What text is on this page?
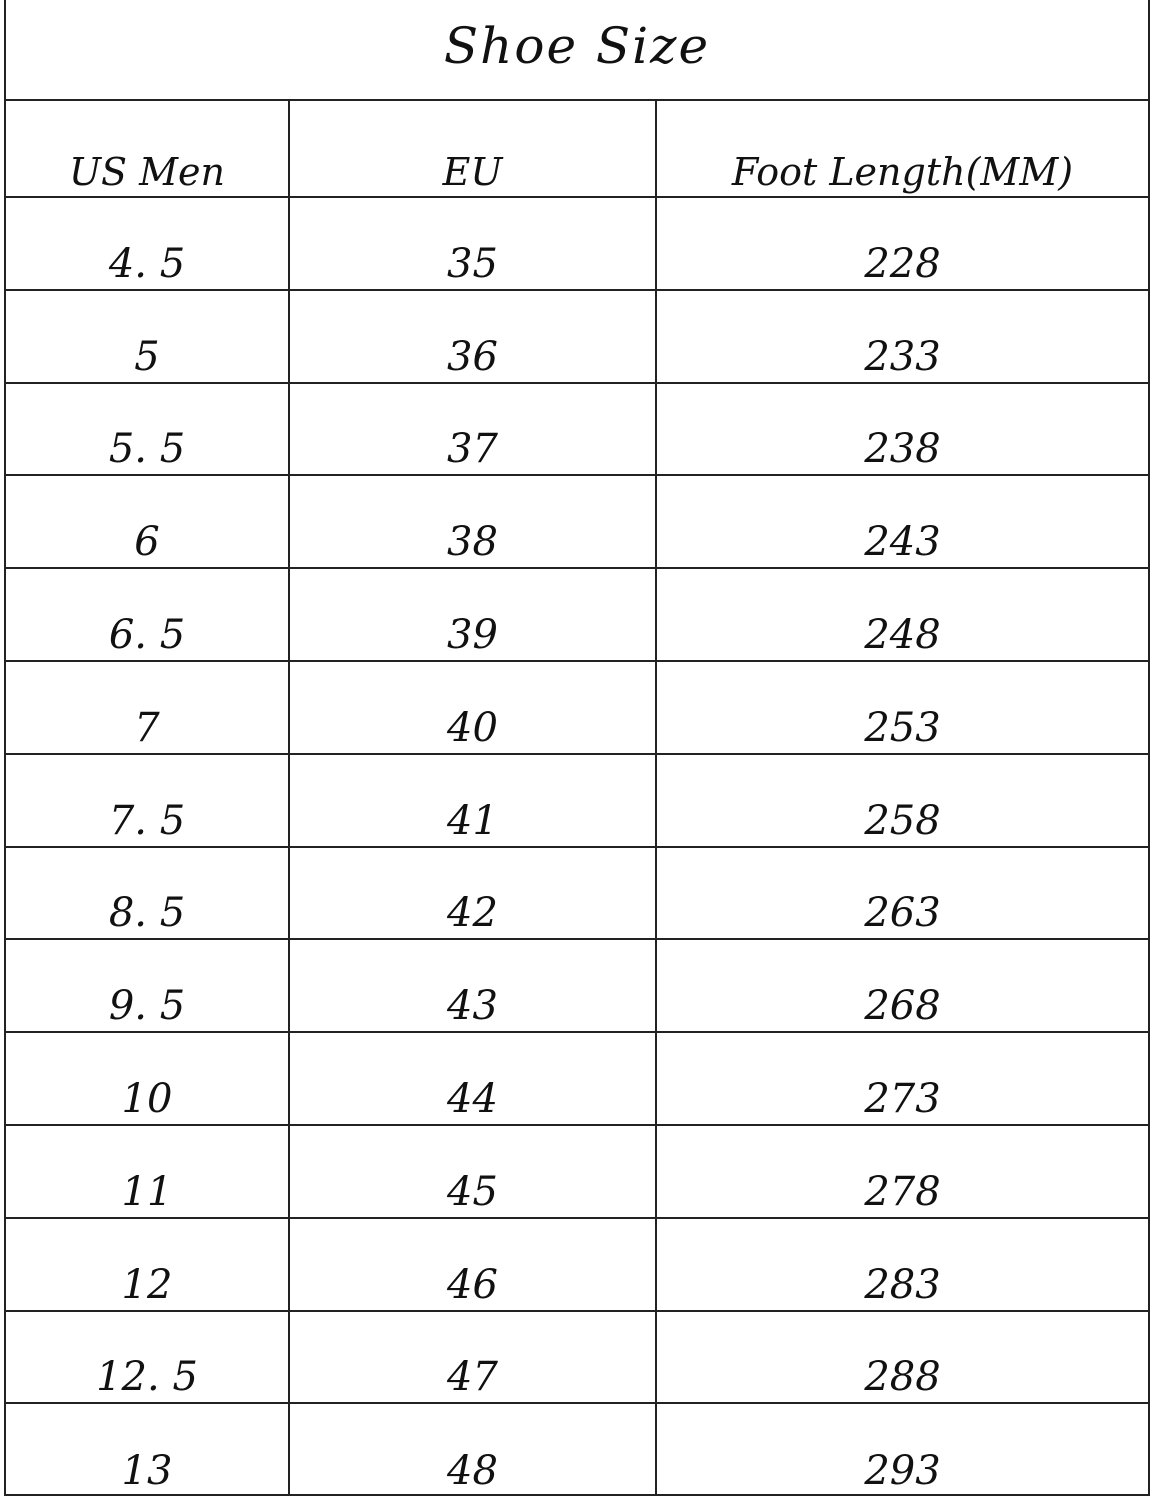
Shoe Size
US Men	EU	Foot Length(MM)
4. 5	35	228
5	36	233
5. 5	37	238
6	38	243
6. 5	39	248
7	40	253
7. 5	41	258
8. 5	42	263
9. 5	43	268
10	44	273
11	45	278
12	46	283
12. 5	47	288
13	48	293
